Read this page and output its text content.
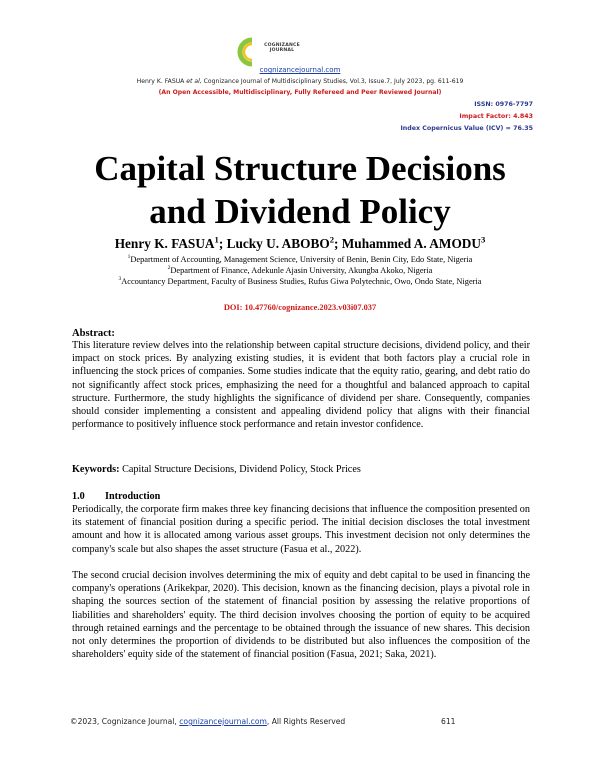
COGNIZANCE JOURNAL
cognizancejournal.com
Henry K. FASUA et al, Cognizance Journal of Multidisciplinary Studies, Vol.3, Issue.7, July 2023, pg. 611-619
(An Open Accessible, Multidisciplinary, Fully Refereed and Peer Reviewed Journal)
ISSN: 0976-7797
Impact Factor: 4.843
Index Copernicus Value (ICV) = 76.35
Capital Structure Decisions
and Dividend Policy
Henry K. FASUA$^1$; Lucky U. ABOBO$^2$; Muhammed A. AMODU$^3$
$^1$Department of Accounting, Management Science, University of Benin, Benin City, Edo State, Nigeria
$^2$Department of Finance, Adekunle Ajasin University, Akungba Akoko, Nigeria
$^3$Accountancy Department, Faculty of Business Studies, Rufus Giwa Polytechnic, Owo, Ondo State, Nigeria
DOI: 10.47760/cognizance.2023.v03i07.037
Abstract:
This literature review delves into the relationship between capital structure decisions, dividend policy, and their impact on stock prices. By analyzing existing studies, it is evident that both factors play a crucial role in influencing the stock prices of companies. Some studies indicate that the equity ratio, gearing, and debt ratio do not significantly affect stock prices, emphasizing the need for a thoughtful and balanced approach to capital structure. Furthermore, the study highlights the significance of dividend per share. Consequently, companies should consider implementing a consistent and appealing dividend policy that aligns with their financial performance to positively influence stock performance and retain investor confidence.
Keywords: Capital Structure Decisions, Dividend Policy, Stock Prices
1.0 Introduction
Periodically, the corporate firm makes three key financing decisions that influence the composition presented on its statement of financial position during a specific period. The initial decision discloses the total investment amount and how it is allocated among various asset groups. This investment decision not only determines the company's scale but also shapes the asset structure (Fasua et al., 2022).
The second crucial decision involves determining the mix of equity and debt capital to be used in financing the company's operations (Arikekpar, 2020). This decision, known as the financing decision, plays a pivotal role in shaping the sources section of the statement of financial position by assessing the relative proportions of liabilities and shareholders' equity. The third decision involves choosing the portion of equity to be acquired through retained earnings and the percentage to be obtained through the issuance of new shares. This decision not only determines the proportion of dividends to be distributed but also influences the composition of the shareholders' equity side of the statement of financial position (Fasua, 2021; Saka, 2021).
©2023, Cognizance Journal, cognizancejournal.com, All Rights Reserved	611
